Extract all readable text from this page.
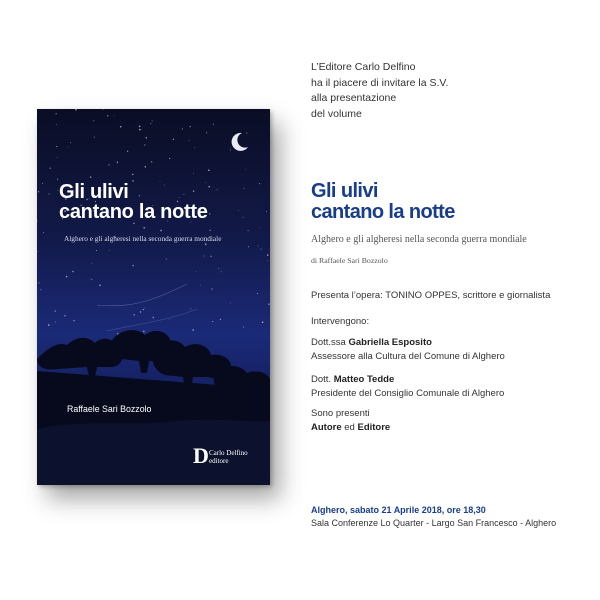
Gli ulivi
cantano la notte
Alghero e gli algheresi nella seconda guerra mondiale
Raffaele Sari Bozzolo
D Carlo Delfino
editore
L’Editore Carlo Delfino
ha il piacere di invitare la S.V.
alla presentazione
del volume
Gli ulivi
cantano la notte
Alghero e gli algheresi nella seconda guerra mondiale
di Raffaele Sari Bozzolo
Presenta l’opera: TONINO OPPES, scrittore e giornalista
Intervengono:
Dott.ssa Gabriella Esposito
Assessore alla Cultura del Comune di Alghero
Dott. Matteo Tedde
Presidente del Consiglio Comunale di Alghero
Sono presenti
Autore ed Editore
Alghero, sabato 21 Aprile 2018, ore 18,30
Sala Conferenze Lo Quarter - Largo San Francesco - Alghero
